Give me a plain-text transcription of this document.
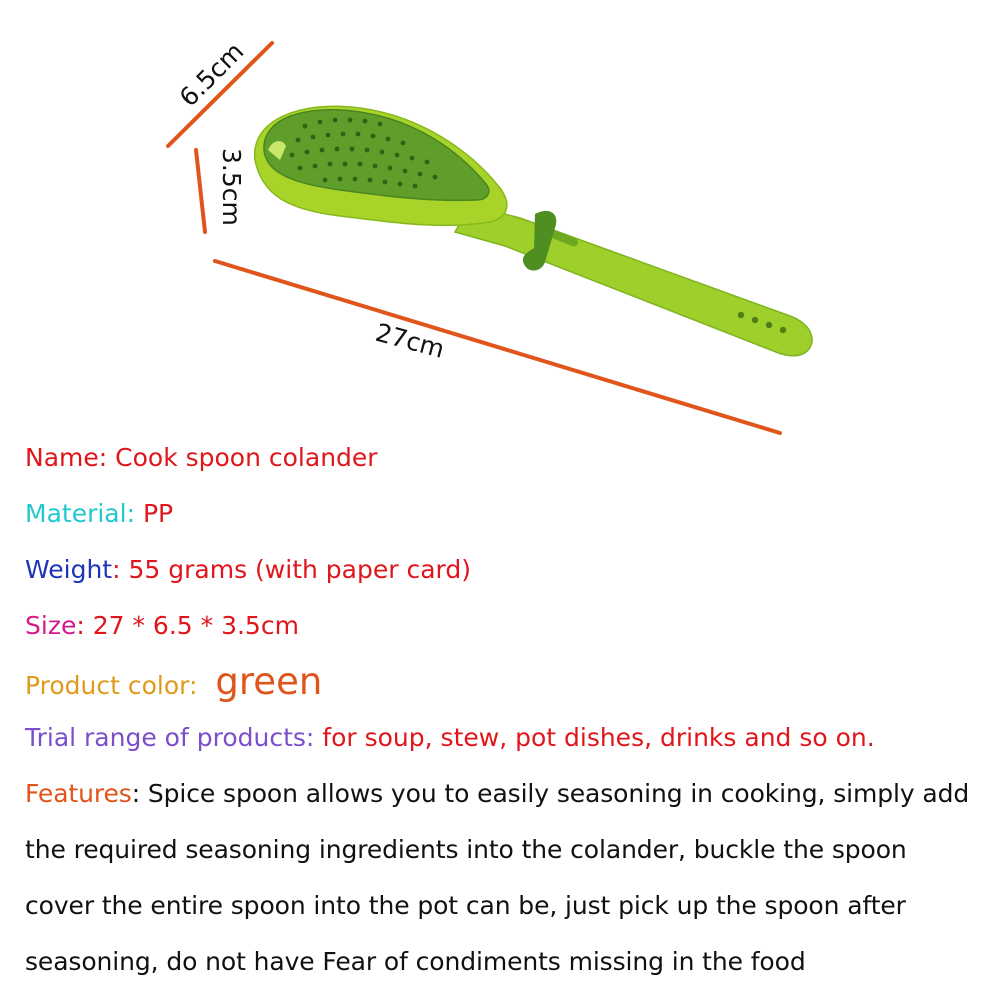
6.5cm
3.5cm
27cm
Name: Cook spoon colander
Material: PP
Weight: 55 grams (with paper card)
Size: 27 * 6.5 * 3.5cm
Product color: green
Trial range of products: for soup, stew, pot dishes, drinks and so on.
Features: Spice spoon allows you to easily seasoning in cooking, simply add
the required seasoning ingredients into the colander, buckle the spoon
cover the entire spoon into the pot can be, just pick up the spoon after
seasoning, do not have Fear of condiments missing in the food
